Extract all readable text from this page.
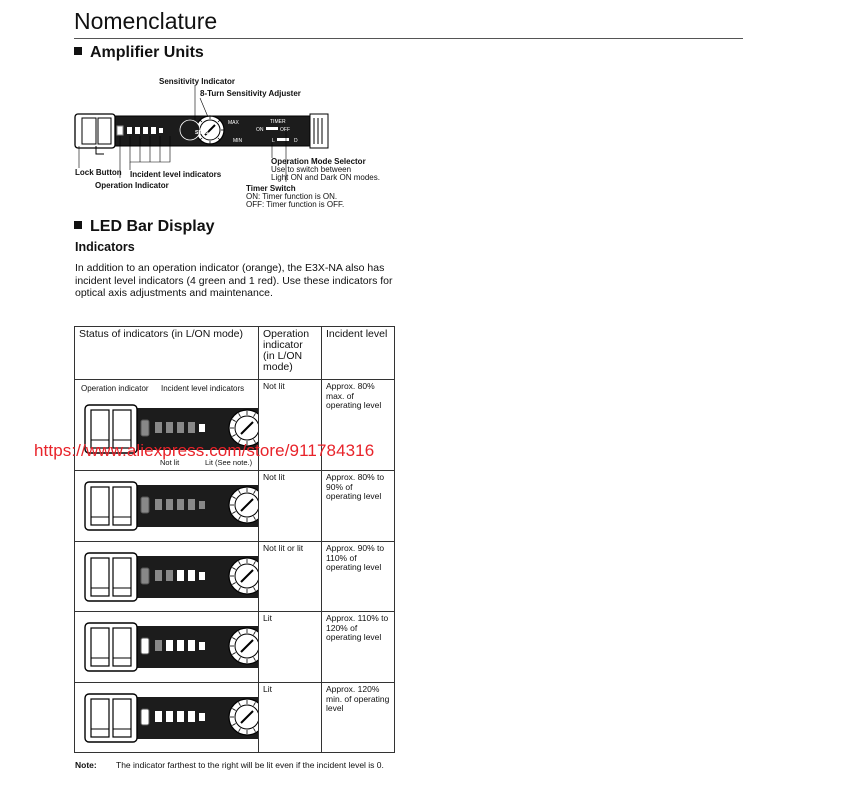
Nomenclature
Amplifier Units
SENS
MAX
MIN
TIMER
ON	OFF
L	D
Sensitivity Indicator
8-Turn Sensitivity Adjuster
Lock Button Incident level indicators
Operation Indicator
Operation Mode Selector
Use to switch between
Light ON and Dark ON modes.
Timer Switch
ON: Timer function is ON.
OFF: Timer function is OFF.
LED Bar Display
Indicators
In addition to an operation indicator (orange), the E3X-NA also has incident level indicators (4 green and 1 red). Use these indicators for optical axis adjustments and maintenance.
Status of indicators (in L/ON mode)	Operation indicator (in L/ON mode)	Incident level

Operation indicator Incident level indicators
Not lit Lit (See note.)	Not lit	Approx. 80% max. of operating level

	Not lit	Approx. 80% to 90% of operating level

	Not lit or lit	Approx. 90% to 110% of operating level

	Lit	Approx. 110% to 120% of operating level

	Lit	Approx. 120% min. of operating level
Note: The indicator farthest to the right will be lit even if the incident level is 0.
https://www.aliexpress.com/store/911784316
